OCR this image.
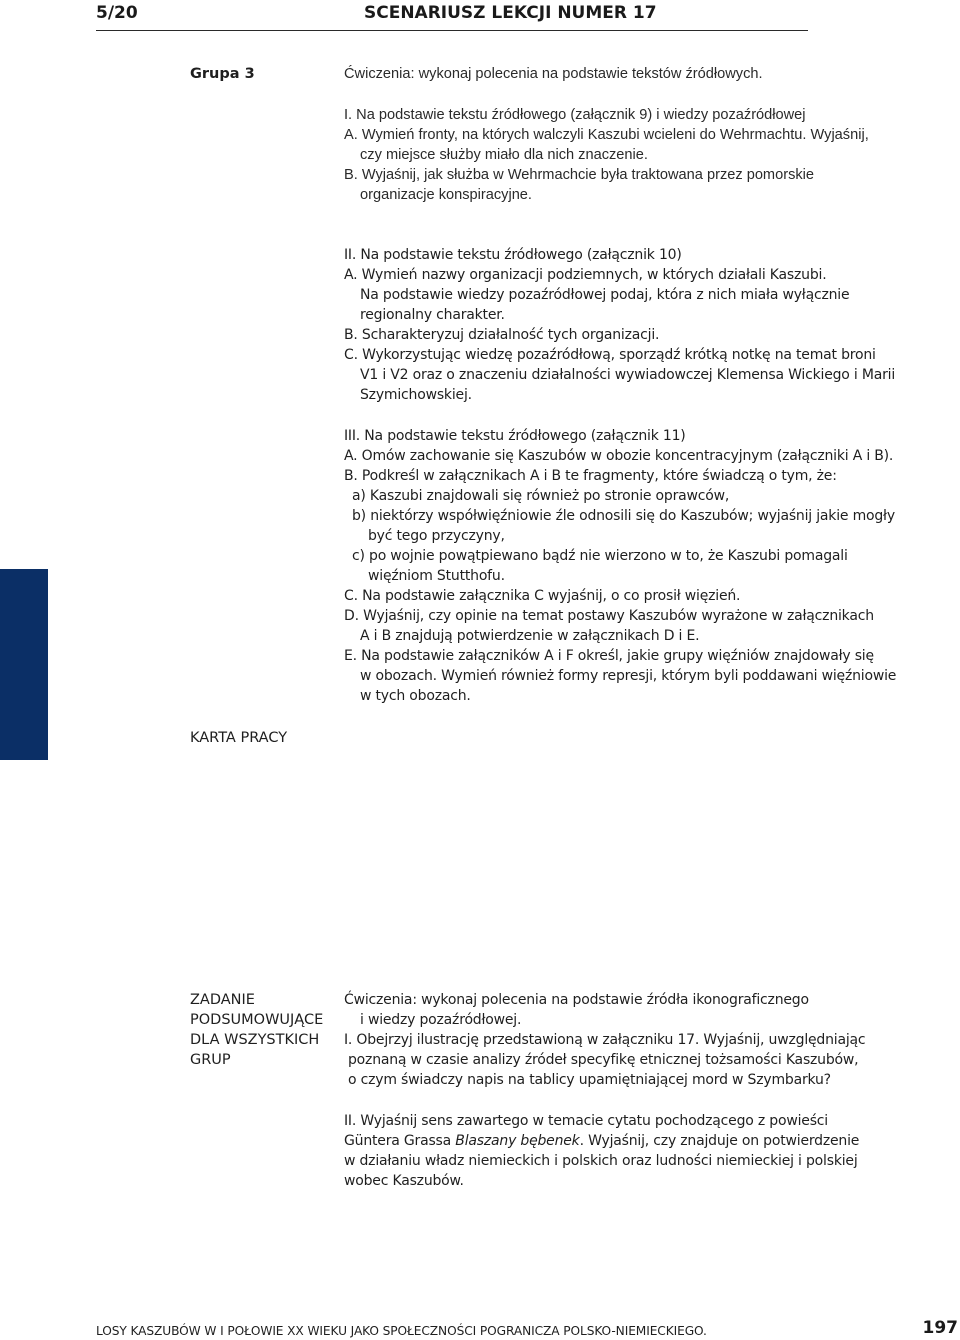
5/20	SCENARIUSZ LEKCJI NUMER 17
Grupa 3	Ćwiczenia: wykonaj polecenia na podstawie tekstów źródłowych.

I. Na podstawie tekstu źródłowego (załącznik 9) i wiedzy pozaźródłowej

A. Wymień fronty, na których walczyli Kaszubi wcieleni do Wehrmachtu. Wyjaśnij,

czy miejsce służby miało dla nich znaczenie.

B. Wyjaśnij, jak służba w Wehrmachcie była traktowana przez pomorskie

organizacje konspiracyjne.

II. Na podstawie tekstu źródłowego (załącznik 10)

A. Wymień nazwy organizacji podziemnych, w których działali Kaszubi.

Na podstawie wiedzy pozaźródłowej podaj, która z nich miała wyłącznie

regionalny charakter.

B. Scharakteryzuj działalność tych organizacji.

C. Wykorzystując wiedzę pozaźródłową, sporządź krótką notkę na temat broni

V1 i V2 oraz o znaczeniu działalności wywiadowczej Klemensa Wickiego i Marii

Szymichowskiej.

III. Na podstawie tekstu źródłowego (załącznik 11)

A. Omów zachowanie się Kaszubów w obozie koncentracyjnym (załączniki A i B).

B. Podkreśl w załącznikach A i B te fragmenty, które świadczą o tym, że:

a) Kaszubi znajdowali się również po stronie oprawców,

b) niektórzy współwięźniowie źle odnosili się do Kaszubów; wyjaśnij jakie mogły

być tego przyczyny,

c) po wojnie powątpiewano bądź nie wierzono w to, że Kaszubi pomagali

więźniom Stutthofu.

C. Na podstawie załącznika C wyjaśnij, o co prosił więzień.

D. Wyjaśnij, czy opinie na temat postawy Kaszubów wyrażone w załącznikach

A i B znajdują potwierdzenie w załącznikach D i E.

E. Na podstawie załączników A i F określ, jakie grupy więźniów znajdowały się

w obozach. Wymień również formy represji, którym byli poddawani więźniowie

w tych obozach.

KARTA PRACY
ZADANIE
PODSUMOWUJĄCE
DLA WSZYSTKICH
GRUP

Ćwiczenia: wykonaj polecenia na podstawie źródła ikonograficznego

i wiedzy pozaźródłowej.

I. Obejrzyj ilustrację przedstawioną w załączniku 17. Wyjaśnij, uwzględniając

poznaną w czasie analizy źródeł specyfikę etnicznej tożsamości Kaszubów,

o czym świadczy napis na tablicy upamiętniającej mord w Szymbarku?

II. Wyjaśnij sens zawartego w temacie cytatu pochodzącego z powieści

Güntera Grassa Blaszany bębenek. Wyjaśnij, czy znajduje on potwierdzenie

w działaniu władz niemieckich i polskich oraz ludności niemieckiej i polskiej

wobec Kaszubów.

LOSY KASZUBÓW W I POŁOWIE XX WIEKU JAKO SPOŁECZNOŚCI POGRANICZA POLSKO-NIEMIECKIEGO.	197
